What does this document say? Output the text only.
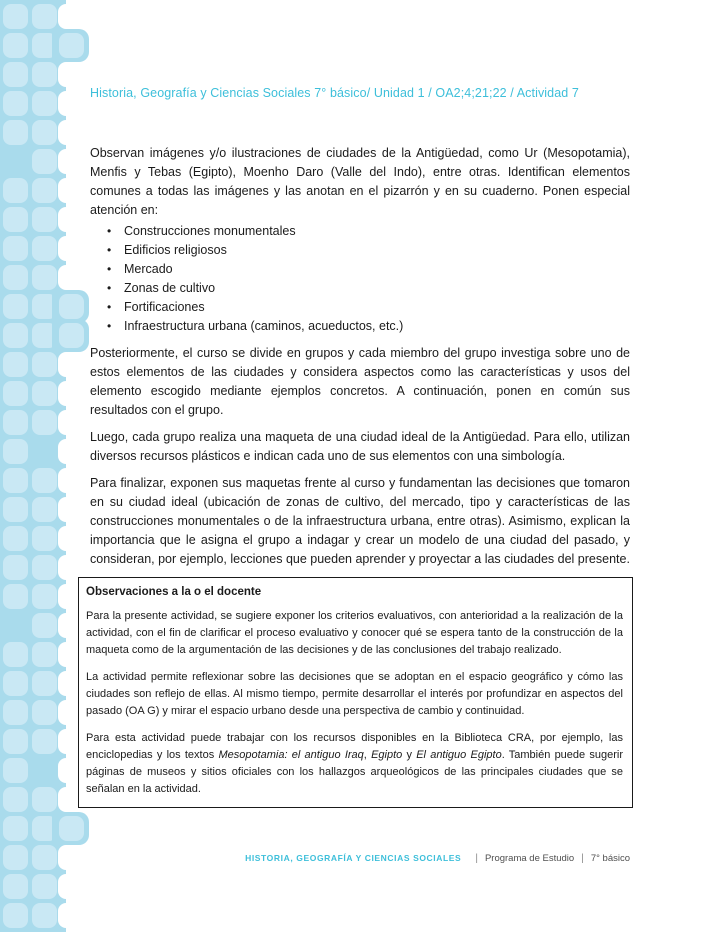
Historia, Geografía y Ciencias Sociales 7° básico/ Unidad 1 / OA2;4;21;22 / Actividad 7

Observan imágenes y/o ilustraciones de ciudades de la Antigüedad, como Ur (Mesopotamia), Menfis y Tebas (Egipto), Moenho Daro (Valle del Indo), entre otras. Identifican elementos comunes a todas las imágenes y las anotan en el pizarrón y en su cuaderno. Ponen especial atención en:

• Construcciones monumentales
• Edificios religiosos
• Mercado
• Zonas de cultivo
• Fortificaciones
• Infraestructura urbana (caminos, acueductos, etc.)

Posteriormente, el curso se divide en grupos y cada miembro del grupo investiga sobre uno de estos elementos de las ciudades y considera aspectos como las características y usos del elemento escogido mediante ejemplos concretos. A continuación, ponen en común sus resultados con el grupo.

Luego, cada grupo realiza una maqueta de una ciudad ideal de la Antigüedad. Para ello, utilizan diversos recursos plásticos e indican cada uno de sus elementos con una simbología.

Para finalizar, exponen sus maquetas frente al curso y fundamentan las decisiones que tomaron en su ciudad ideal (ubicación de zonas de cultivo, del mercado, tipo y características de las construcciones monumentales o de la infraestructura urbana, entre otras). Asimismo, explican la importancia que le asigna el grupo a indagar y crear un modelo de una ciudad del pasado, y consideran, por ejemplo, lecciones que pueden aprender y proyectar a las ciudades del presente.

Observaciones a la o el docente

Para la presente actividad, se sugiere exponer los criterios evaluativos, con anterioridad a la realización de la actividad, con el fin de clarificar el proceso evaluativo y conocer qué se espera tanto de la construcción de la maqueta como de la argumentación de las decisiones y de las conclusiones del trabajo realizado.

La actividad permite reflexionar sobre las decisiones que se adoptan en el espacio geográfico y cómo las ciudades son reflejo de ellas. Al mismo tiempo, permite desarrollar el interés por profundizar en aspectos del pasado (OA G) y mirar el espacio urbano desde una perspectiva de cambio y continuidad.

Para esta actividad puede trabajar con los recursos disponibles en la Biblioteca CRA, por ejemplo, las enciclopedias y los textos Mesopotamia: el antiguo Iraq, Egipto y El antiguo Egipto. También puede sugerir páginas de museos y sitios oficiales con los hallazgos arqueológicos de las principales ciudades que se señalan en la actividad.

HISTORIA, GEOGRAFÍA Y CIENCIAS SOCIALES | Programa de Estudio | 7° básico
